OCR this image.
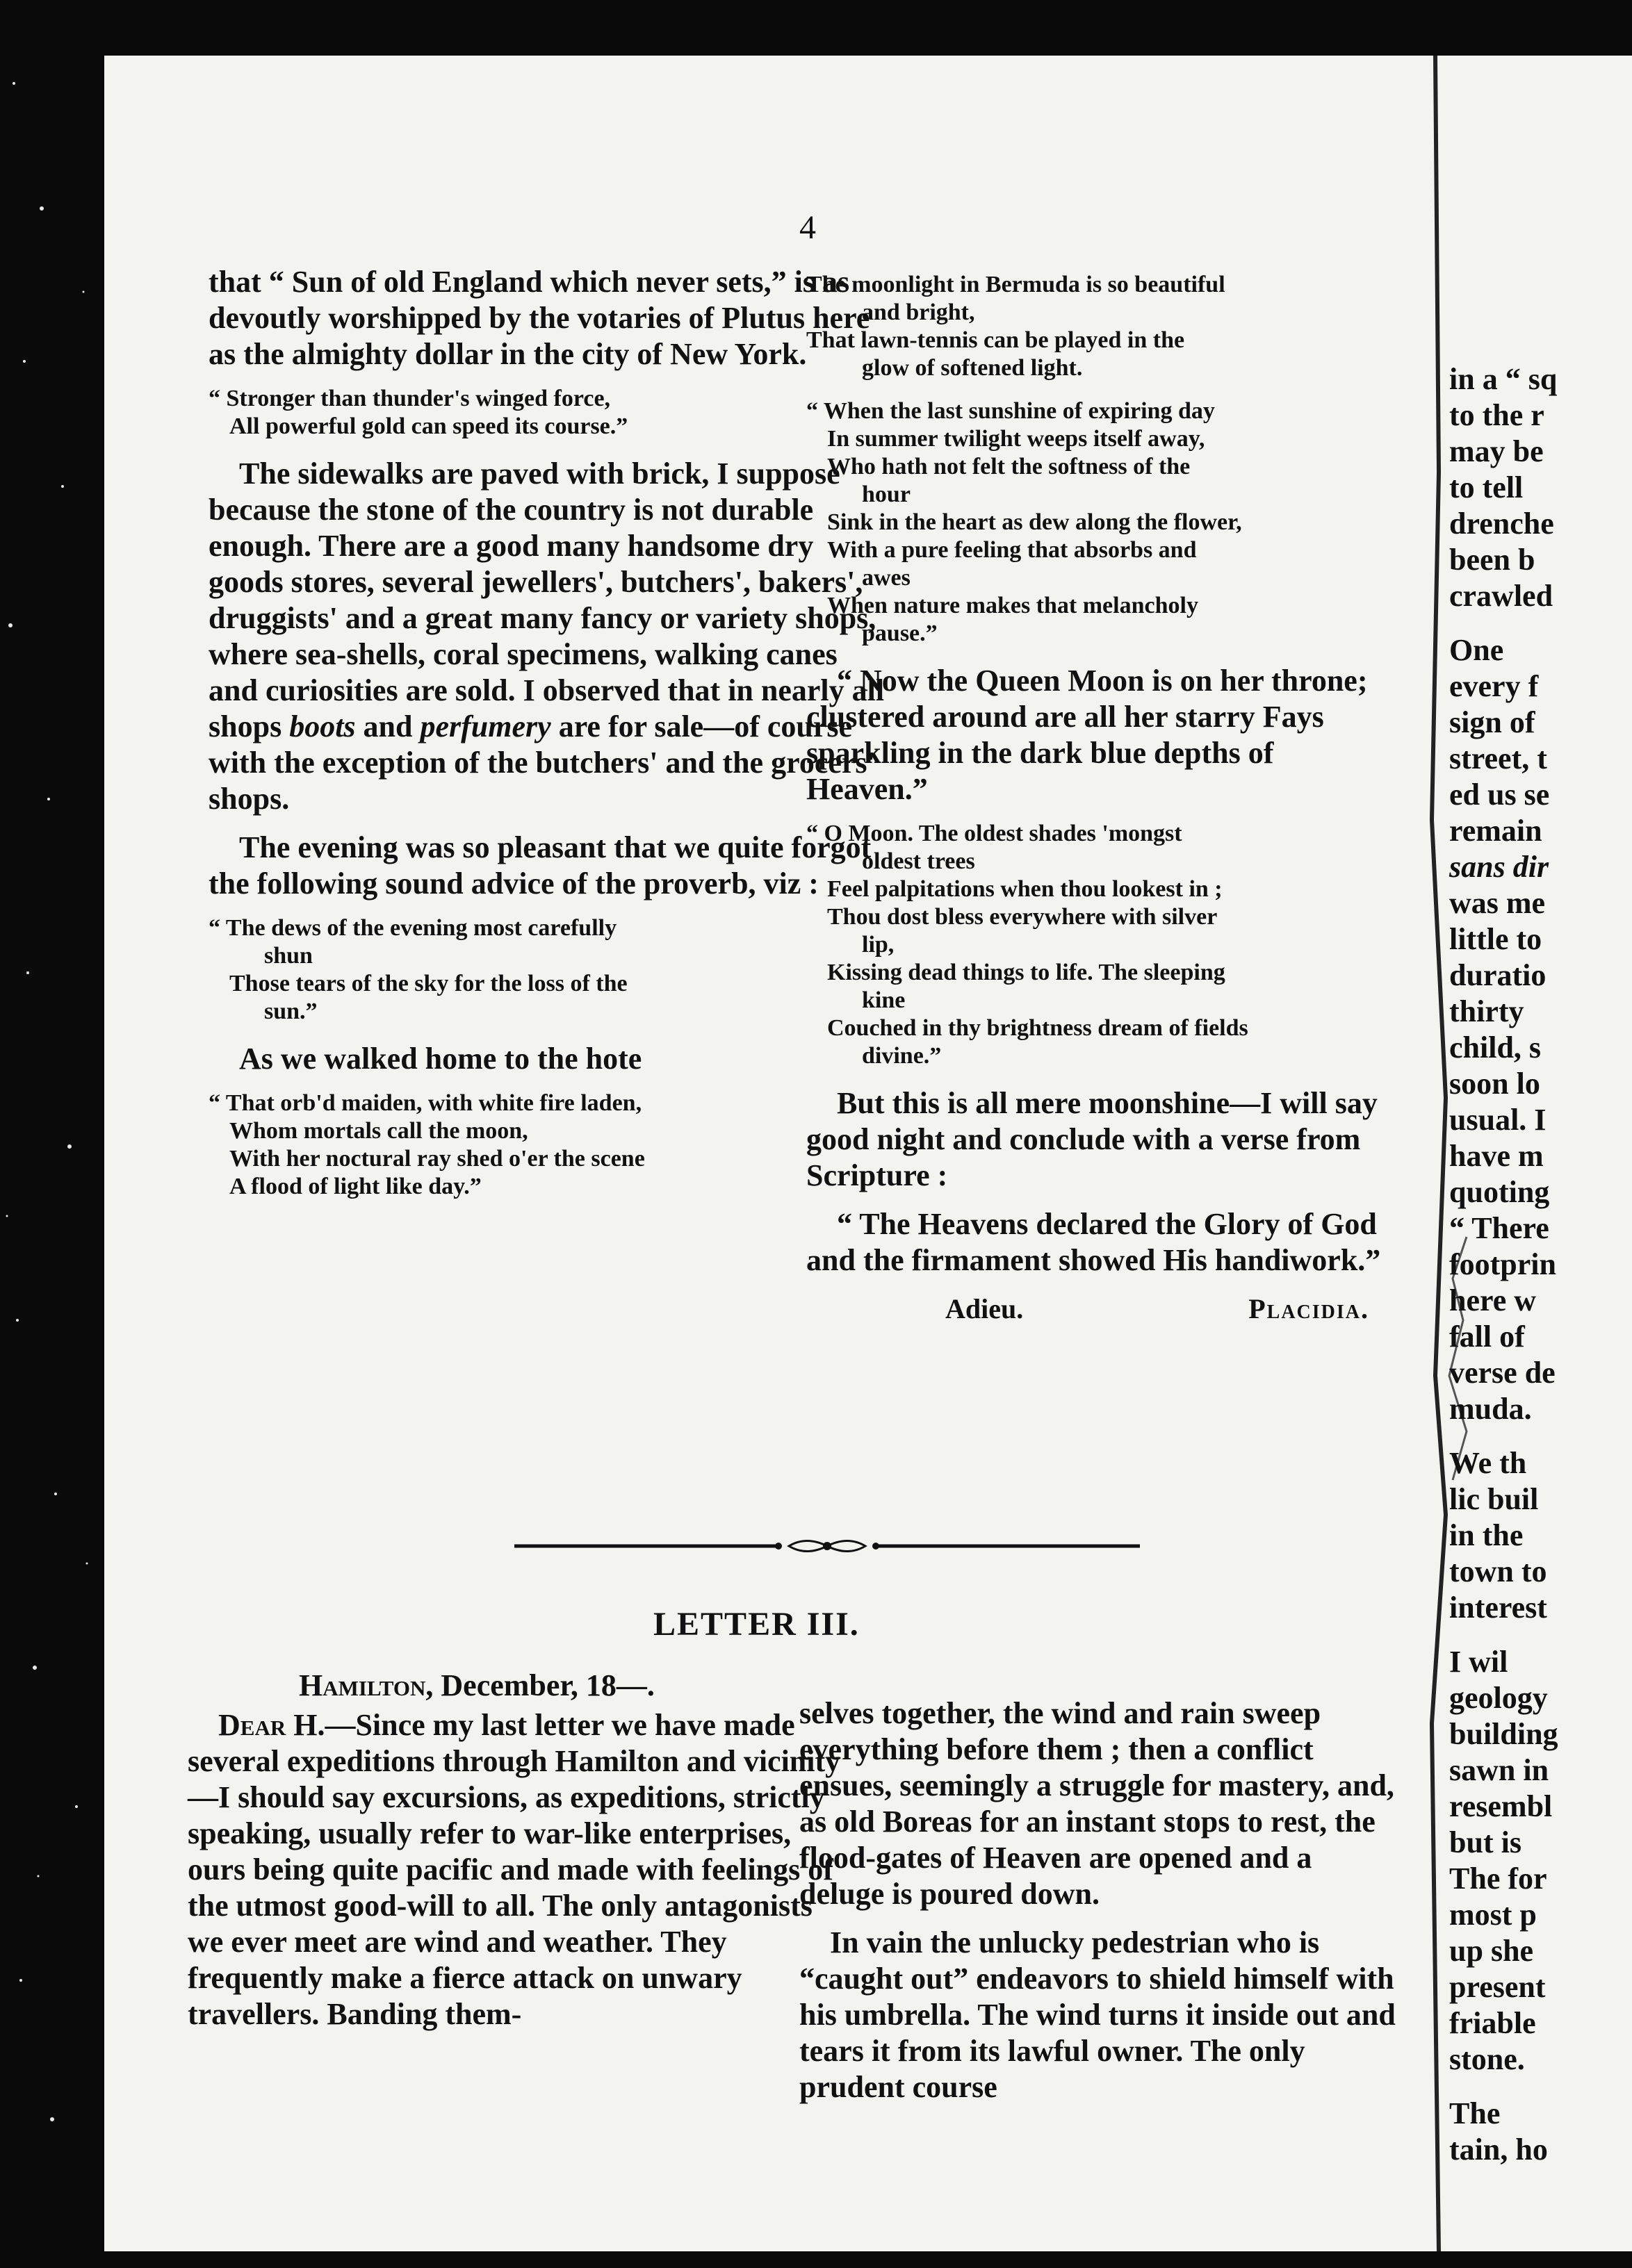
4

that “ Sun of old England which never sets,” is as devoutly worshipped by the votaries of Plutus here as the almighty dollar in the city of New York.

“ Stronger than thunder's winged force,
All powerful gold can speed its course.”

The sidewalks are paved with brick, I suppose because the stone of the country is not durable enough. There are a good many handsome dry goods stores, several jewellers', butchers', bakers', druggists' and a great many fancy or variety shops, where sea-shells, coral specimens, walking canes and curiosities are sold. I observed that in nearly all shops boots and perfumery are for sale—of course with the exception of the butchers' and the grocers' shops.

The evening was so pleasant that we quite forgot the following sound advice of the proverb, viz :

“ The dews of the evening most carefully
shun
Those tears of the sky for the loss of the
sun.”

As we walked home to the hote

“ That orb'd maiden, with white fire laden,
Whom mortals call the moon,
With her noctural ray shed o'er the scene
A flood of light like day.”
The moonlight in Bermuda is so beautiful
and bright,
That lawn-tennis can be played in the
glow of softened light.
“ When the last sunshine of expiring day
In summer twilight weeps itself away,
Who hath not felt the softness of the
hour
Sink in the heart as dew along the flower,
With a pure feeling that absorbs and
awes
When nature makes that melancholy
pause.”

“ Now the Queen Moon is on her throne; clustered around are all her starry Fays sparkling in the dark blue depths of Heaven.”

“ O Moon. The oldest shades 'mongst
oldest trees
Feel palpitations when thou lookest in ;
Thou dost bless everywhere with silver
lip,
Kissing dead things to life. The sleeping
kine
Couched in thy brightness dream of fields
divine.”

But this is all mere moonshine—I will say good night and conclude with a verse from Scripture :

“ The Heavens declared the Glory of God and the firmament showed His handiwork.”

Adieu.	Placidia.
LETTER III.
Hamilton, December, 18—.

Dear H.—Since my last letter we have made several expeditions through Hamilton and vicinity—I should say excursions, as expeditions, strictly speaking, usually refer to war-like enterprises, ours being quite pacific and made with feelings of the utmost good-will to all. The only antagonists we ever meet are wind and weather. They frequently make a fierce attack on unwary travellers. Banding them-

selves together, the wind and rain sweep everything before them ; then a conflict ensues, seemingly a struggle for mastery, and, as old Boreas for an instant stops to rest, the flood-gates of Heaven are opened and a deluge is poured down.

In vain the unlucky pedestrian who is “caught out” endeavors to shield himself with his umbrella. The wind turns it inside out and tears it from its lawful owner. The only prudent course

in a “ sq
to the r
may be
to tell
drenche
been b
crawled
One
every f
sign of
street, t
ed us se
remain
sans dir
was me
little to
duratio
thirty
child, s
soon lo
usual. I
have m
quoting
“ There
footprin
here w
fall of
verse de
muda.
We th
lic buil
in the
town to
interest
I wil
geology
building
sawn in
resembl
but is
The for
most p
up she
present
friable
stone.
The
tain, ho
